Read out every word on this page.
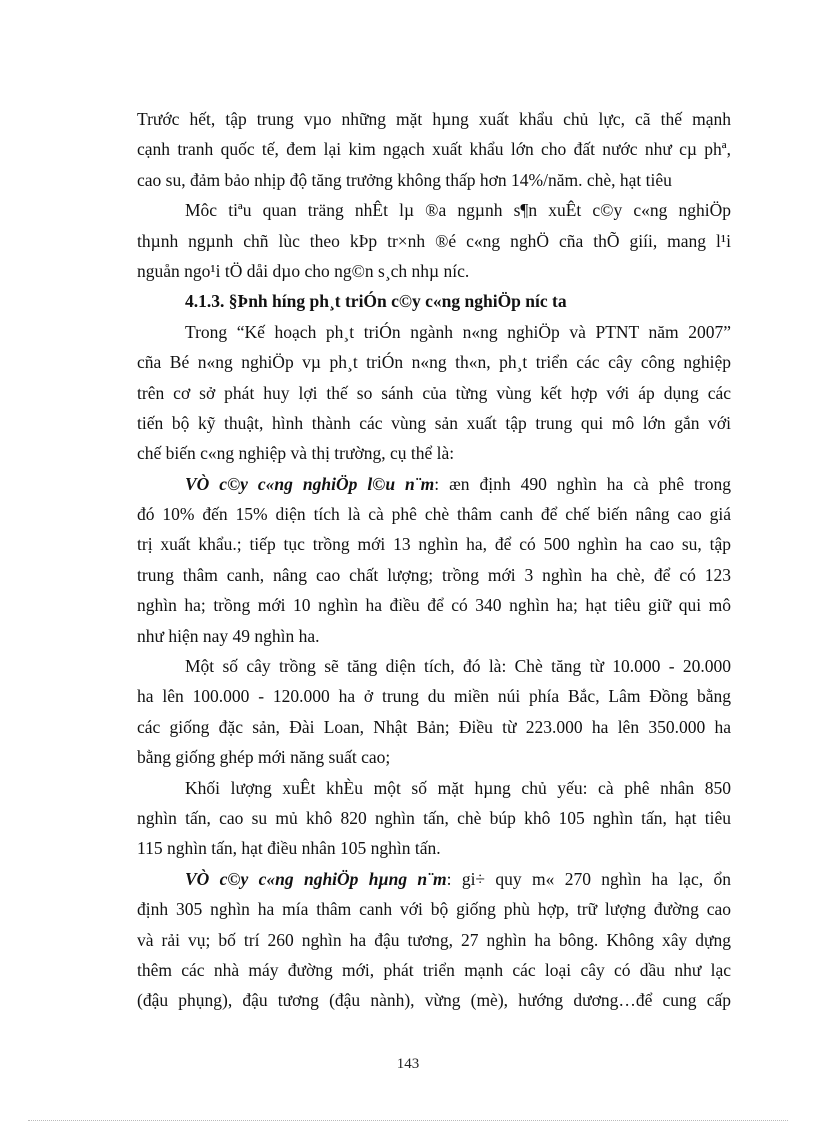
Trước hết, tập trung vµo những mặt hµng xuất khẩu chủ lực, cã thế mạnh
cạnh tranh quốc tế, đem lại kim ngạch xuất khẩu lớn cho đất nước như cµ phª,
cao su, đảm bảo nhịp độ tăng trưởng không thấp hơn 14%/năm. chè, hạt tiêu

Môc tiªu quan träng nhÊt lµ ®a ngµnh s¶n xuÊt c©y c«ng nghiÖp
thµnh ngµnh chñ lùc theo kÞp tr×nh ®é c«ng nghÖ cña thÕ giíi, mang l¹i
nguån ngo¹i tÖ dåi dµo cho ng©n s¸ch nhµ níc.

4.1.3. §Þnh híng ph¸t triÓn c©y c«ng nghiÖp níc ta

Trong “Kế hoạch ph¸t triÓn ngành n«ng nghiÖp và PTNT năm 2007”
cña Bé n«ng nghiÖp vµ ph¸t triÓn n«ng th«n, ph¸t triển các cây công nghiệp
trên cơ sở phát huy lợi thế so sánh của từng vùng kết hợp với áp dụng các
tiến bộ kỹ thuật, hình thành các vùng sản xuất tập trung qui mô lớn gắn với
chế biến c«ng nghiệp và thị trường, cụ thể là:

VÒ c©y c«ng nghiÖp l©u n¨m: æn định 490 nghìn ha cà phê trong
đó 10% đến 15% diện tích là cà phê chè thâm canh để chế biến nâng cao giá
trị xuất khẩu.; tiếp tục trồng mới 13 nghìn ha, để có 500 nghìn ha cao su, tập
trung thâm canh, nâng cao chất lượng; trồng mới 3 nghìn ha chè, để có 123
nghìn ha; trồng mới 10 nghìn ha điều để có 340 nghìn ha; hạt tiêu giữ qui mô
như hiện nay 49 nghìn ha.

Một số cây trồng sẽ tăng diện tích, đó là: Chè tăng từ 10.000 - 20.000
ha lên 100.000 - 120.000 ha ở trung du miền núi phía Bắc, Lâm Đồng bằng
các giống đặc sản, Đài Loan, Nhật Bản; Điều từ 223.000 ha lên 350.000 ha
bằng giống ghép mới năng suất cao;

Khối lượng xuÊt khÈu một số mặt hµng chủ yếu: cà phê nhân 850
nghìn tấn, cao su mủ khô 820 nghìn tấn, chè búp khô 105 nghìn tấn, hạt tiêu
115 nghìn tấn, hạt điều nhân 105 nghìn tấn.

VÒ c©y c«ng nghiÖp hµng n¨m: gi÷ quy m« 270 nghìn ha lạc, ổn
định 305 nghìn ha mía thâm canh với bộ giống phù hợp, trữ lượng đường cao
và rải vụ; bố trí 260 nghìn ha đậu tương, 27 nghìn ha bông. Không xây dựng
thêm các nhà máy đường mới, phát triển mạnh các loại cây có dầu như lạc
(đậu phụng), đậu tương (đậu nành), vừng (mè), hướng dương…để cung cấp

143
